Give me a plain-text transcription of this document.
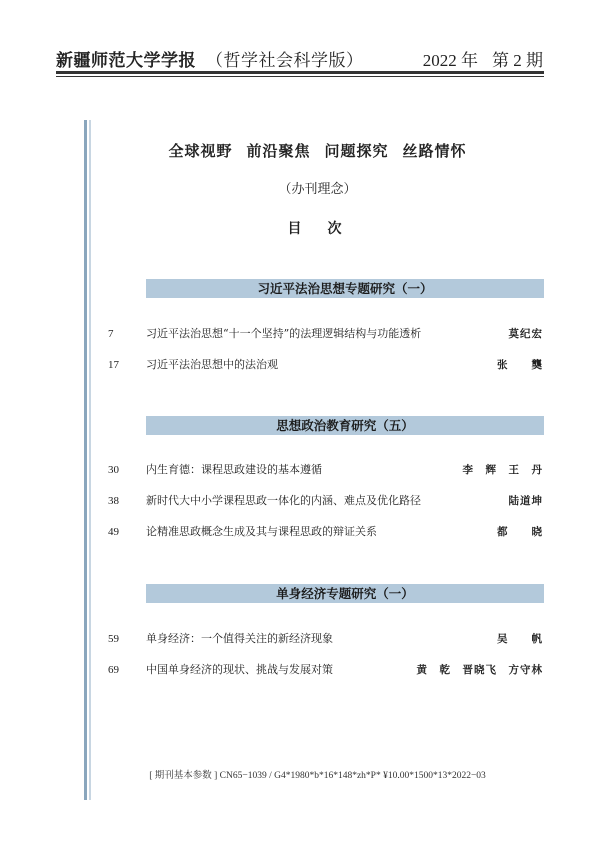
新疆师范大学学报 （哲学社会科学版）	2022 年 第 2 期
全球视野 前沿聚焦 问题探究 丝路情怀
（办刊理念）
目　次
习近平法治思想专题研究（一）
7	习近平法治思想“十一个坚持”的法理逻辑结构与功能透析	莫纪宏
17 习近平法治思想中的法治观	张　　龑
思想政治教育研究（五）
30 内生育德：课程思政建设的基本遵循	李　辉　王　丹
38 新时代大中小学课程思政一体化的内涵、难点及优化路径	陆道坤
49 论精准思政概念生成及其与课程思政的辩证关系	都　　晓
单身经济专题研究（一）
59 单身经济：一个值得关注的新经济现象	吴　　帆
69 中国单身经济的现状、挑战与发展对策	黄　乾　晋晓飞　方守林
[ 期刊基本参数 ] CN65−1039 / G4*1980*b*16*148*zh*P* ¥10.00*1500*13*2022−03
